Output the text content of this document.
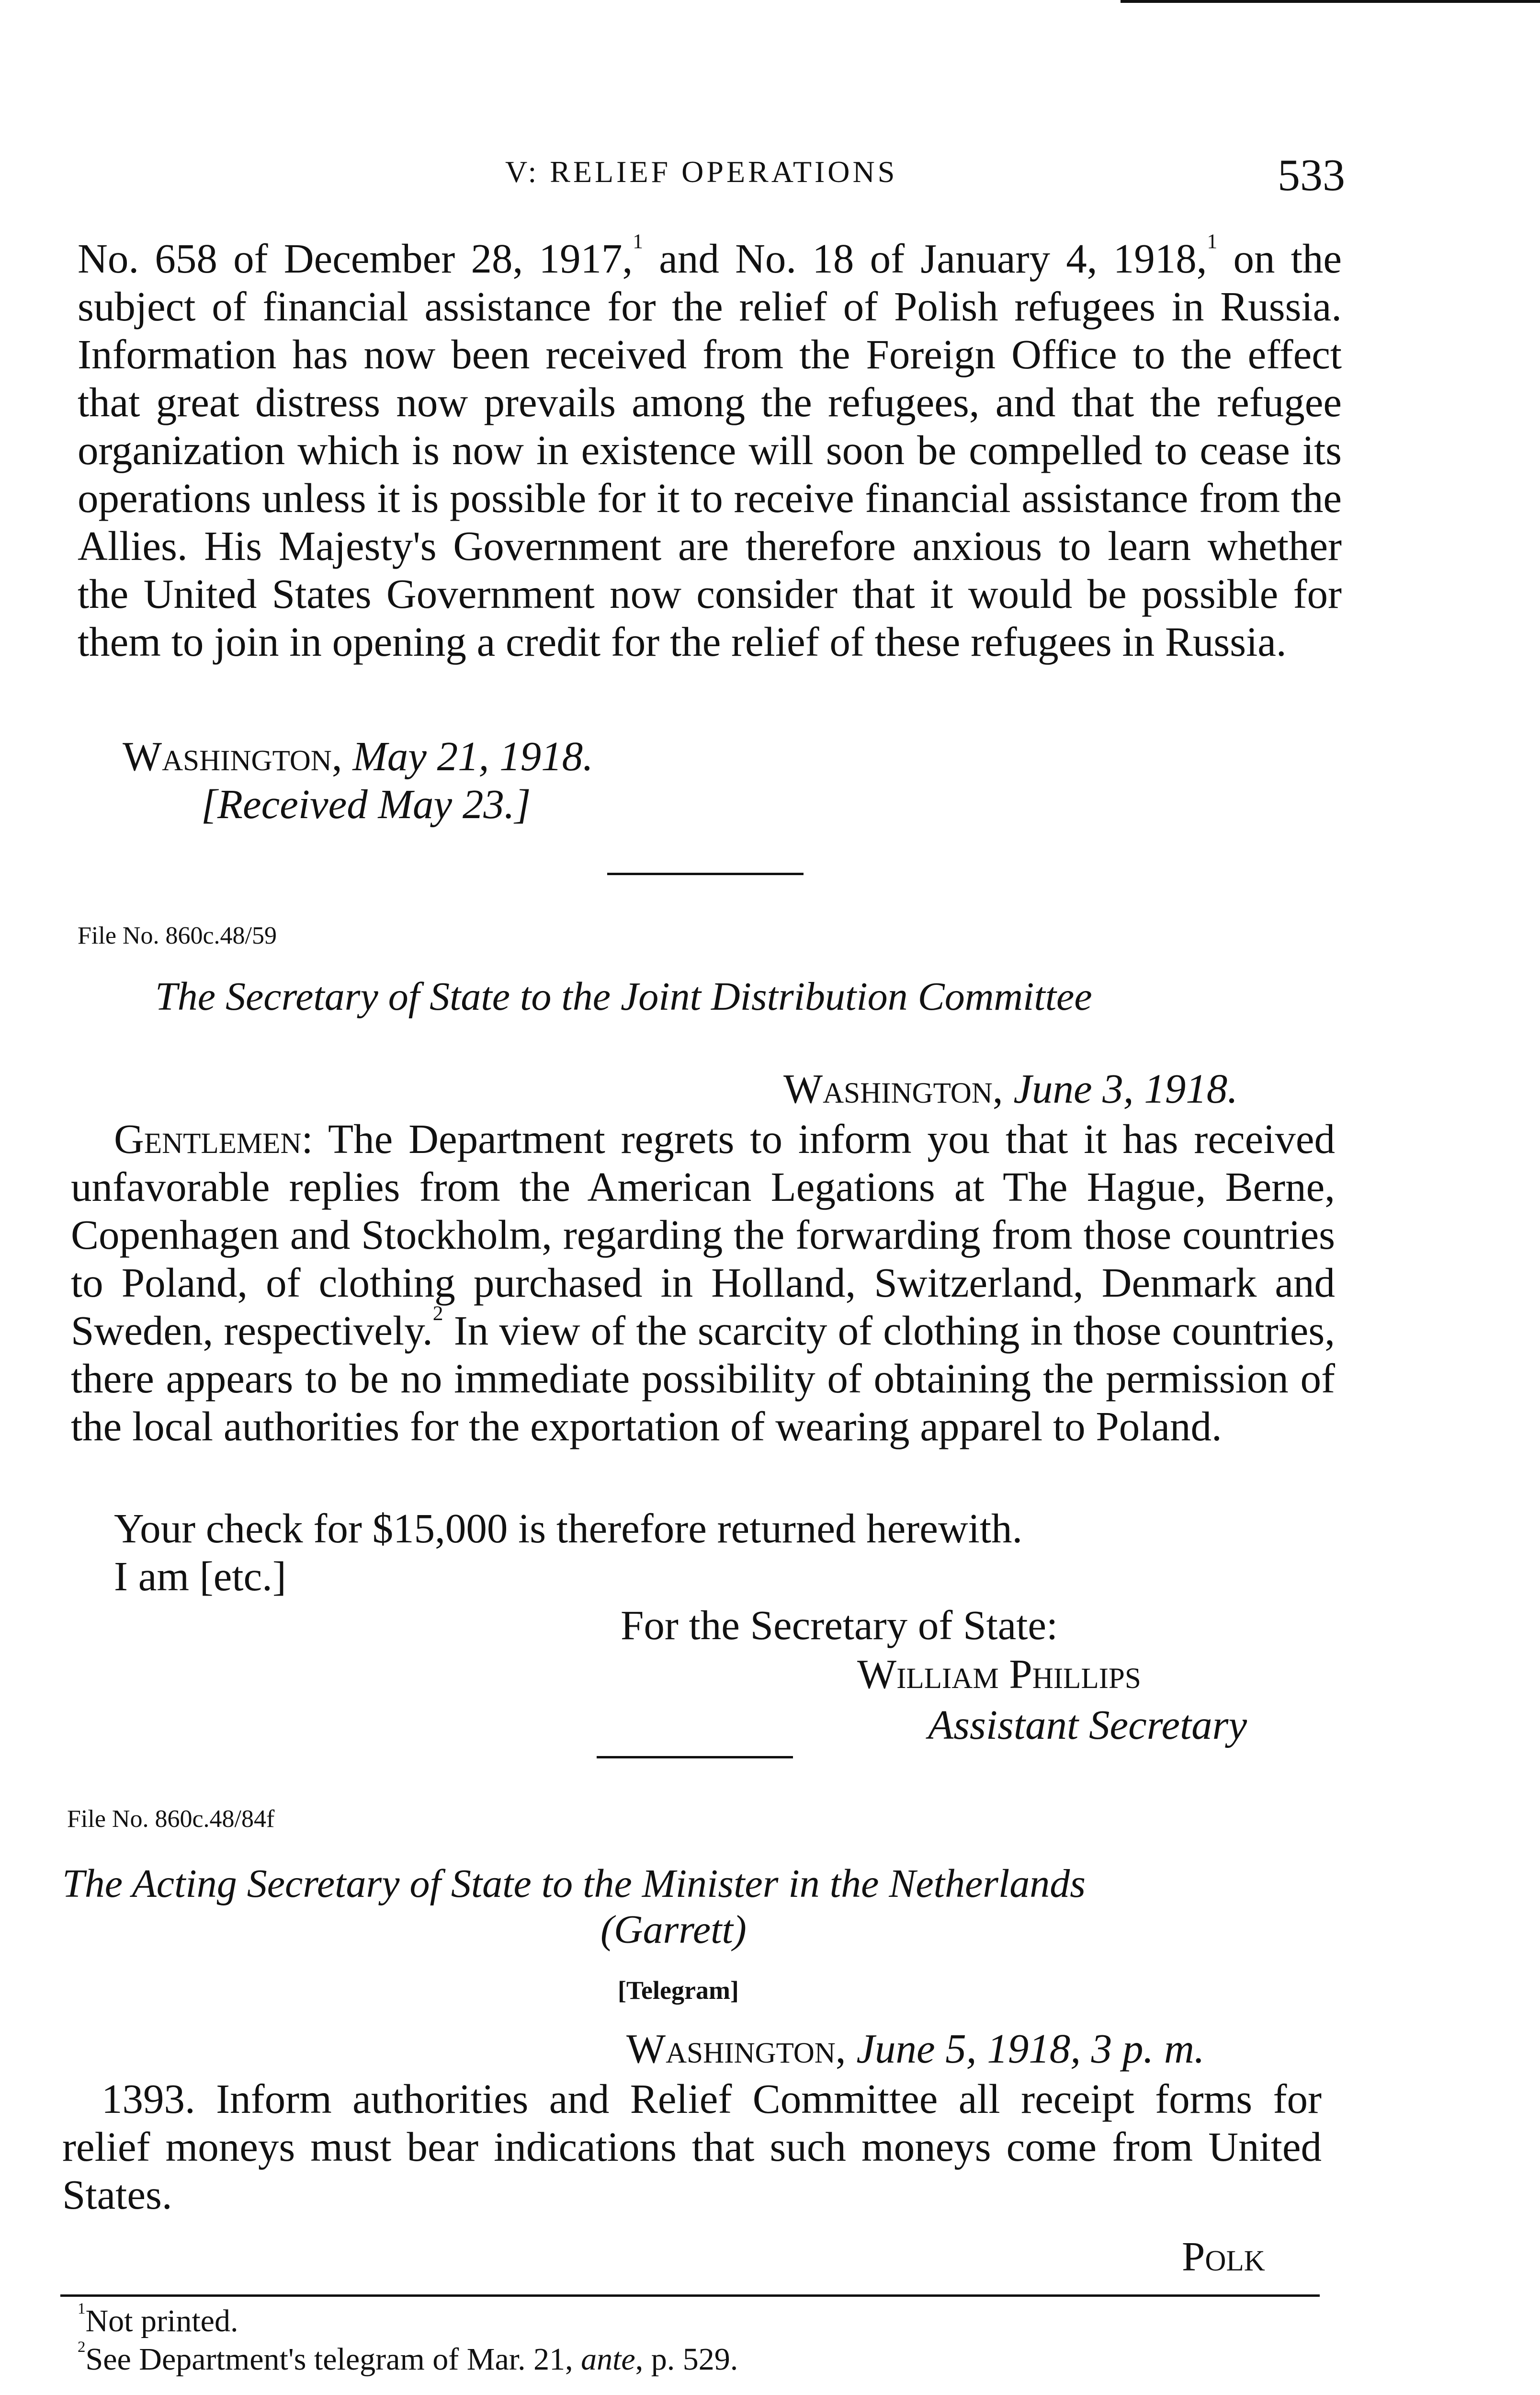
V: RELIEF OPERATIONS	533
No. 658 of December 28, 1917,$^1$ and No. 18 of January 4, 1918,$^1$ on the subject of financial assistance for the relief of Polish refugees in Russia. Information has now been received from the Foreign Office to the effect that great distress now prevails among the refugees, and that the refugee organization which is now in existence will soon be compelled to cease its operations unless it is possible for it to receive financial assistance from the Allies. His Majesty's Government are therefore anxious to learn whether the United States Government now consider that it would be possible for them to join in opening a credit for the relief of these refugees in Russia.
Washington, May 21, 1918.
[Received May 23.]
File No. 860c.48/59
The Secretary of State to the Joint Distribution Committee
Washington, June 3, 1918.
Gentlemen: The Department regrets to inform you that it has received unfavorable replies from the American Legations at The Hague, Berne, Copenhagen and Stockholm, regarding the forwarding from those countries to Poland, of clothing purchased in Holland, Switzerland, Denmark and Sweden, respectively.$^2$ In view of the scarcity of clothing in those countries, there appears to be no immediate possibility of obtaining the permission of the local authorities for the exportation of wearing apparel to Poland.
Your check for $15,000 is therefore returned herewith.
I am [etc.]
For the Secretary of State:
William Phillips
Assistant Secretary
File No. 860c.48/84f
The Acting Secretary of State to the Minister in the Netherlands
(Garrett)
[Telegram]
Washington, June 5, 1918, 3 p. m.
1393. Inform authorities and Relief Committee all receipt forms for relief moneys must bear indications that such moneys come from United States.
Polk
$^1$Not printed.
$^2$See Department's telegram of Mar. 21, ante, p. 529.
